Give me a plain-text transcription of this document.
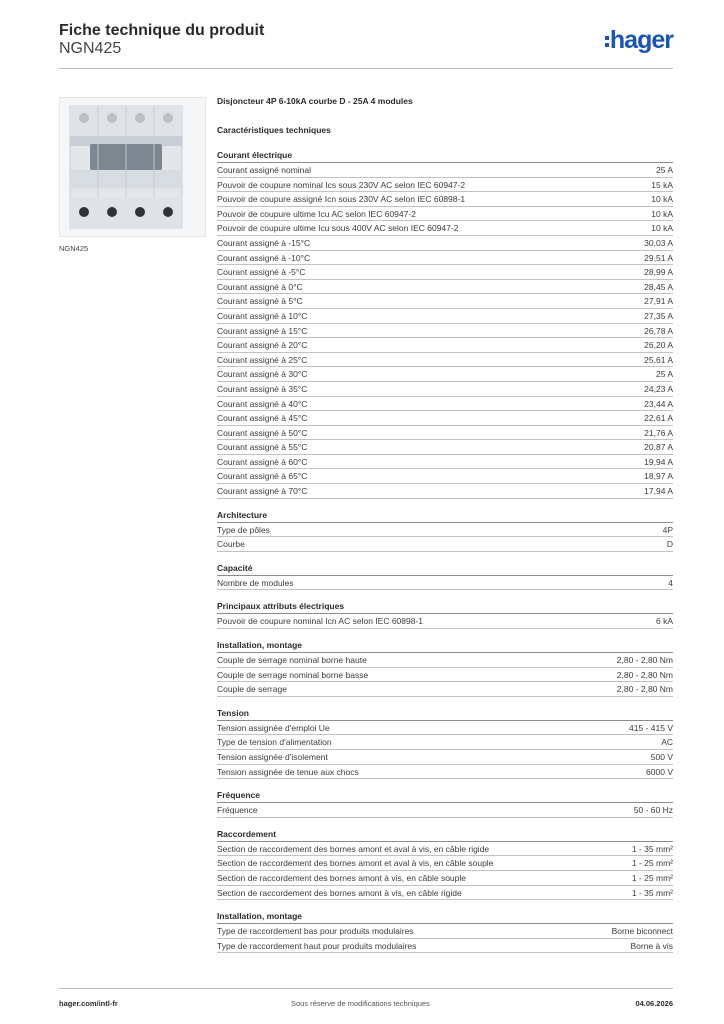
Fiche technique du produit
NGN425	hager
NGN425
Disjoncteur 4P 6-10kA courbe D - 25A 4 modules
Caractéristiques techniques
Courant électrique
Courant assigné nominal	25 A
Pouvoir de coupure nominal Ics sous 230V AC selon IEC 60947-2	15 kA
Pouvoir de coupure assigné Icn sous 230V AC selon IEC 60898-1	10 kA
Pouvoir de coupure ultime Icu AC selon IEC 60947-2	10 kA
Pouvoir de coupure ultime Icu sous 400V AC selon IEC 60947-2	10 kA
Courant assigné à -15°C	30,03 A
Courant assigné à -10°C	29,51 A
Courant assigné à -5°C	28,99 A
Courant assigné à 0°C	28,45 A
Courant assigné à 5°C	27,91 A
Courant assigné à 10°C	27,35 A
Courant assigné à 15°C	26,78 A
Courant assigné à 20°C	26,20 A
Courant assigné à 25°C	25,61 A
Courant assigné à 30°C	25 A
Courant assigné à 35°C	24,23 A
Courant assigné à 40°C	23,44 A
Courant assigné à 45°C	22,61 A
Courant assigné à 50°C	21,76 A
Courant assigné à 55°C	20,87 A
Courant assigné à 60°C	19,94 A
Courant assigné à 65°C	18,97 A
Courant assigné à 70°C	17,94 A
Architecture
Type de pôles	4P
Courbe	D
Capacité
Nombre de modules	4
Principaux attributs électriques
Pouvoir de coupure nominal Icn AC selon IEC 60898-1	6 kA
Installation, montage
Couple de serrage nominal borne haute	2,80 - 2,80 Nm
Couple de serrage nominal borne basse	2,80 - 2,80 Nm
Couple de serrage	2,80 - 2,80 Nm
Tension
Tension assignée d'emploi Ue	415 - 415 V
Type de tension d'alimentation	AC
Tension assignée d'isolement	500 V
Tension assignée de tenue aux chocs	6000 V
Fréquence
Fréquence	50 - 60 Hz
Raccordement
Section de raccordement des bornes amont et aval à vis, en câble rigide	1 - 35 mm²
Section de raccordement des bornes amont et aval à vis, en câble souple	1 - 25 mm²
Section de raccordement des bornes amont à vis, en câble souple	1 - 25 mm²
Section de raccordement des bornes amont à vis, en câble rigide	1 - 35 mm²
Installation, montage
Type de raccordement bas pour produits modulaires	Borne biconnect
Type de raccordement haut pour produits modulaires	Borne à vis
hager.com/intl-fr	Sous réserve de modifications techniques	04.06.2026
